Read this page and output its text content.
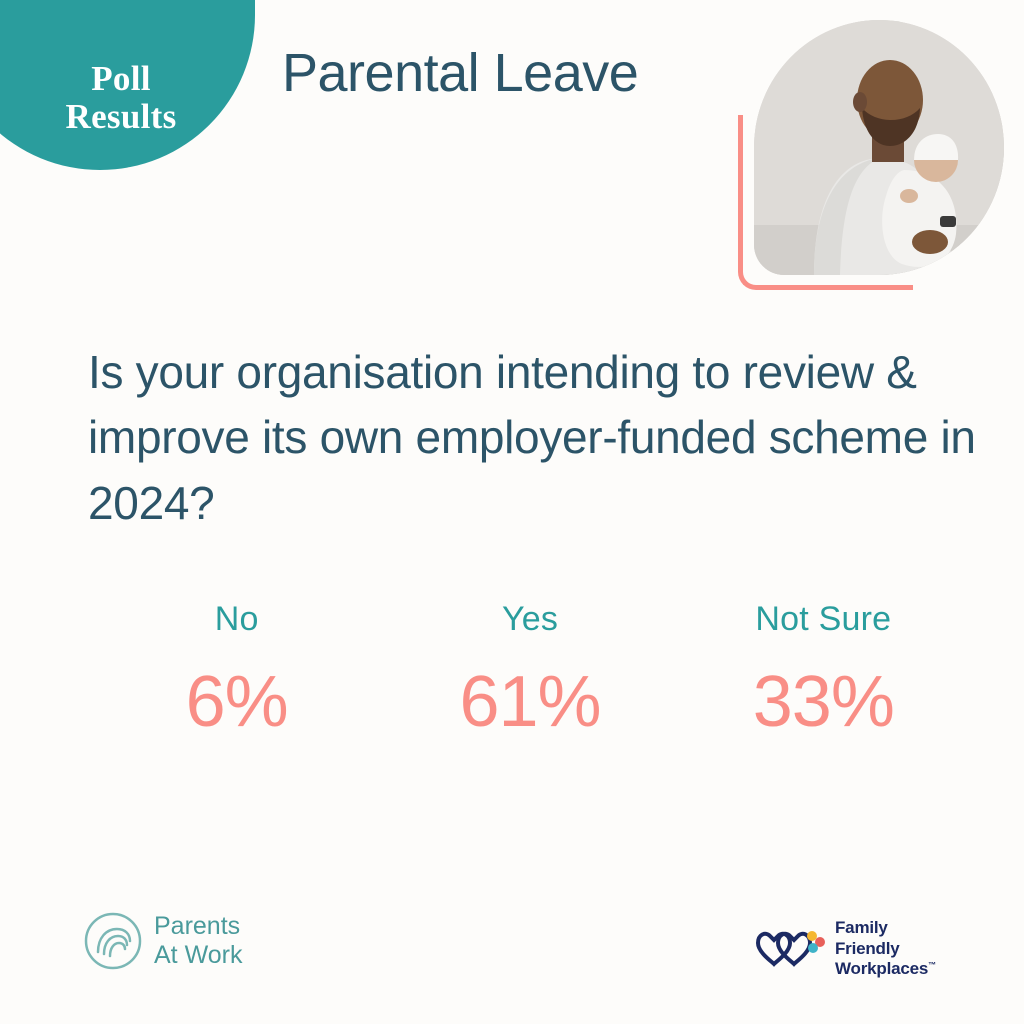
Poll
Results
Parental Leave
Is your organisation intending to review & improve its own employer-funded scheme in 2024?
No
6%
Yes
61%
Not Sure
33%
Parents
At Work
Family
Friendly
Workplaces™
